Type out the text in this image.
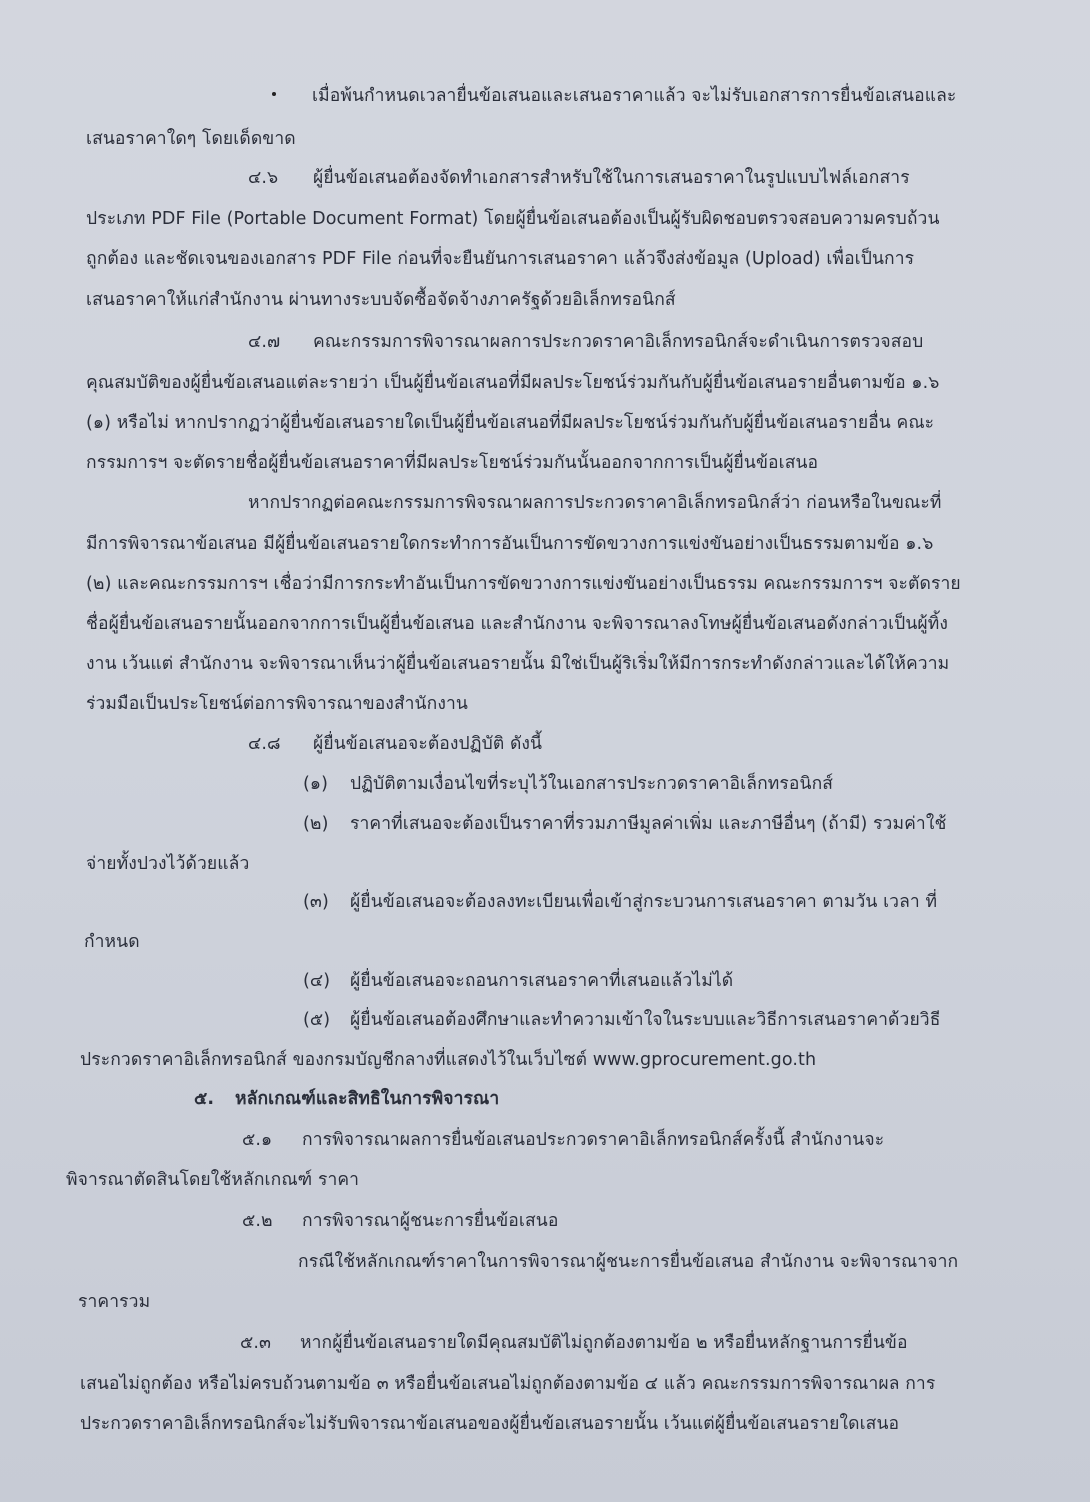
เมื่อพ้นกำหนดเวลายื่นข้อเสนอและเสนอราคาแล้ว จะไม่รับเอกสารการยื่นข้อเสนอและ
เสนอราคาใดๆ โดยเด็ดขาด
๔.๖ ผู้ยื่นข้อเสนอต้องจัดทำเอกสารสำหรับใช้ในการเสนอราคาในรูปแบบไฟล์เอกสาร
ประเภท PDF File (Portable Document Format) โดยผู้ยื่นข้อเสนอต้องเป็นผู้รับผิดชอบตรวจสอบความครบถ้วน
ถูกต้อง และชัดเจนของเอกสาร PDF File ก่อนที่จะยืนยันการเสนอราคา แล้วจึงส่งข้อมูล (Upload) เพื่อเป็นการ
เสนอราคาให้แก่สำนักงาน ผ่านทางระบบจัดซื้อจัดจ้างภาครัฐด้วยอิเล็กทรอนิกส์
๔.๗ คณะกรรมการพิจารณาผลการประกวดราคาอิเล็กทรอนิกส์จะดำเนินการตรวจสอบ
คุณสมบัติของผู้ยื่นข้อเสนอแต่ละรายว่า เป็นผู้ยื่นข้อเสนอที่มีผลประโยชน์ร่วมกันกับผู้ยื่นข้อเสนอรายอื่นตามข้อ ๑.๖
(๑) หรือไม่ หากปรากฏว่าผู้ยื่นข้อเสนอรายใดเป็นผู้ยื่นข้อเสนอที่มีผลประโยชน์ร่วมกันกับผู้ยื่นข้อเสนอรายอื่น คณะ
กรรมการฯ จะตัดรายชื่อผู้ยื่นข้อเสนอราคาที่มีผลประโยชน์ร่วมกันนั้นออกจากการเป็นผู้ยื่นข้อเสนอ
หากปรากฏต่อคณะกรรมการพิจรณาผลการประกวดราคาอิเล็กทรอนิกส์ว่า ก่อนหรือในขณะที่
มีการพิจารณาข้อเสนอ มีผู้ยื่นข้อเสนอรายใดกระทำการอันเป็นการขัดขวางการแข่งขันอย่างเป็นธรรมตามข้อ ๑.๖
(๒) และคณะกรรมการฯ เชื่อว่ามีการกระทำอันเป็นการขัดขวางการแข่งขันอย่างเป็นธรรม คณะกรรมการฯ จะตัดราย
ชื่อผู้ยื่นข้อเสนอรายนั้นออกจากการเป็นผู้ยื่นข้อเสนอ และสำนักงาน จะพิจารณาลงโทษผู้ยื่นข้อเสนอดังกล่าวเป็นผู้ทิ้ง
งาน เว้นแต่ สำนักงาน จะพิจารณาเห็นว่าผู้ยื่นข้อเสนอรายนั้น มิใช่เป็นผู้ริเริ่มให้มีการกระทำดังกล่าวและได้ให้ความ
ร่วมมือเป็นประโยชน์ต่อการพิจารณาของสำนักงาน
๔.๘ ผู้ยื่นข้อเสนอจะต้องปฏิบัติ ดังนี้
(๑) ปฏิบัติตามเงื่อนไขที่ระบุไว้ในเอกสารประกวดราคาอิเล็กทรอนิกส์
(๒) ราคาที่เสนอจะต้องเป็นราคาที่รวมภาษีมูลค่าเพิ่ม และภาษีอื่นๆ (ถ้ามี) รวมค่าใช้
จ่ายทั้งปวงไว้ด้วยแล้ว
(๓) ผู้ยื่นข้อเสนอจะต้องลงทะเบียนเพื่อเข้าสู่กระบวนการเสนอราคา ตามวัน เวลา ที่
กำหนด
(๔) ผู้ยื่นข้อเสนอจะถอนการเสนอราคาที่เสนอแล้วไม่ได้
(๕) ผู้ยื่นข้อเสนอต้องศึกษาและทำความเข้าใจในระบบและวิธีการเสนอราคาด้วยวิธี
ประกวดราคาอิเล็กทรอนิกส์ ของกรมบัญชีกลางที่แสดงไว้ในเว็บไซต์ www.gprocurement.go.th
๕. หลักเกณฑ์และสิทธิในการพิจารณา
๕.๑ การพิจารณาผลการยื่นข้อเสนอประกวดราคาอิเล็กทรอนิกส์ครั้งนี้ สำนักงานจะ
พิจารณาตัดสินโดยใช้หลักเกณฑ์ ราคา
๕.๒ การพิจารณาผู้ชนะการยื่นข้อเสนอ
กรณีใช้หลักเกณฑ์ราคาในการพิจารณาผู้ชนะการยื่นข้อเสนอ สำนักงาน จะพิจารณาจาก
ราคารวม
๕.๓ หากผู้ยื่นข้อเสนอรายใดมีคุณสมบัติไม่ถูกต้องตามข้อ ๒ หรือยื่นหลักฐานการยื่นข้อ
เสนอไม่ถูกต้อง หรือไม่ครบถ้วนตามข้อ ๓ หรือยื่นข้อเสนอไม่ถูกต้องตามข้อ ๔ แล้ว คณะกรรมการพิจารณาผล การ
ประกวดราคาอิเล็กทรอนิกส์จะไม่รับพิจารณาข้อเสนอของผู้ยื่นข้อเสนอรายนั้น เว้นแต่ผู้ยื่นข้อเสนอรายใดเสนอ
